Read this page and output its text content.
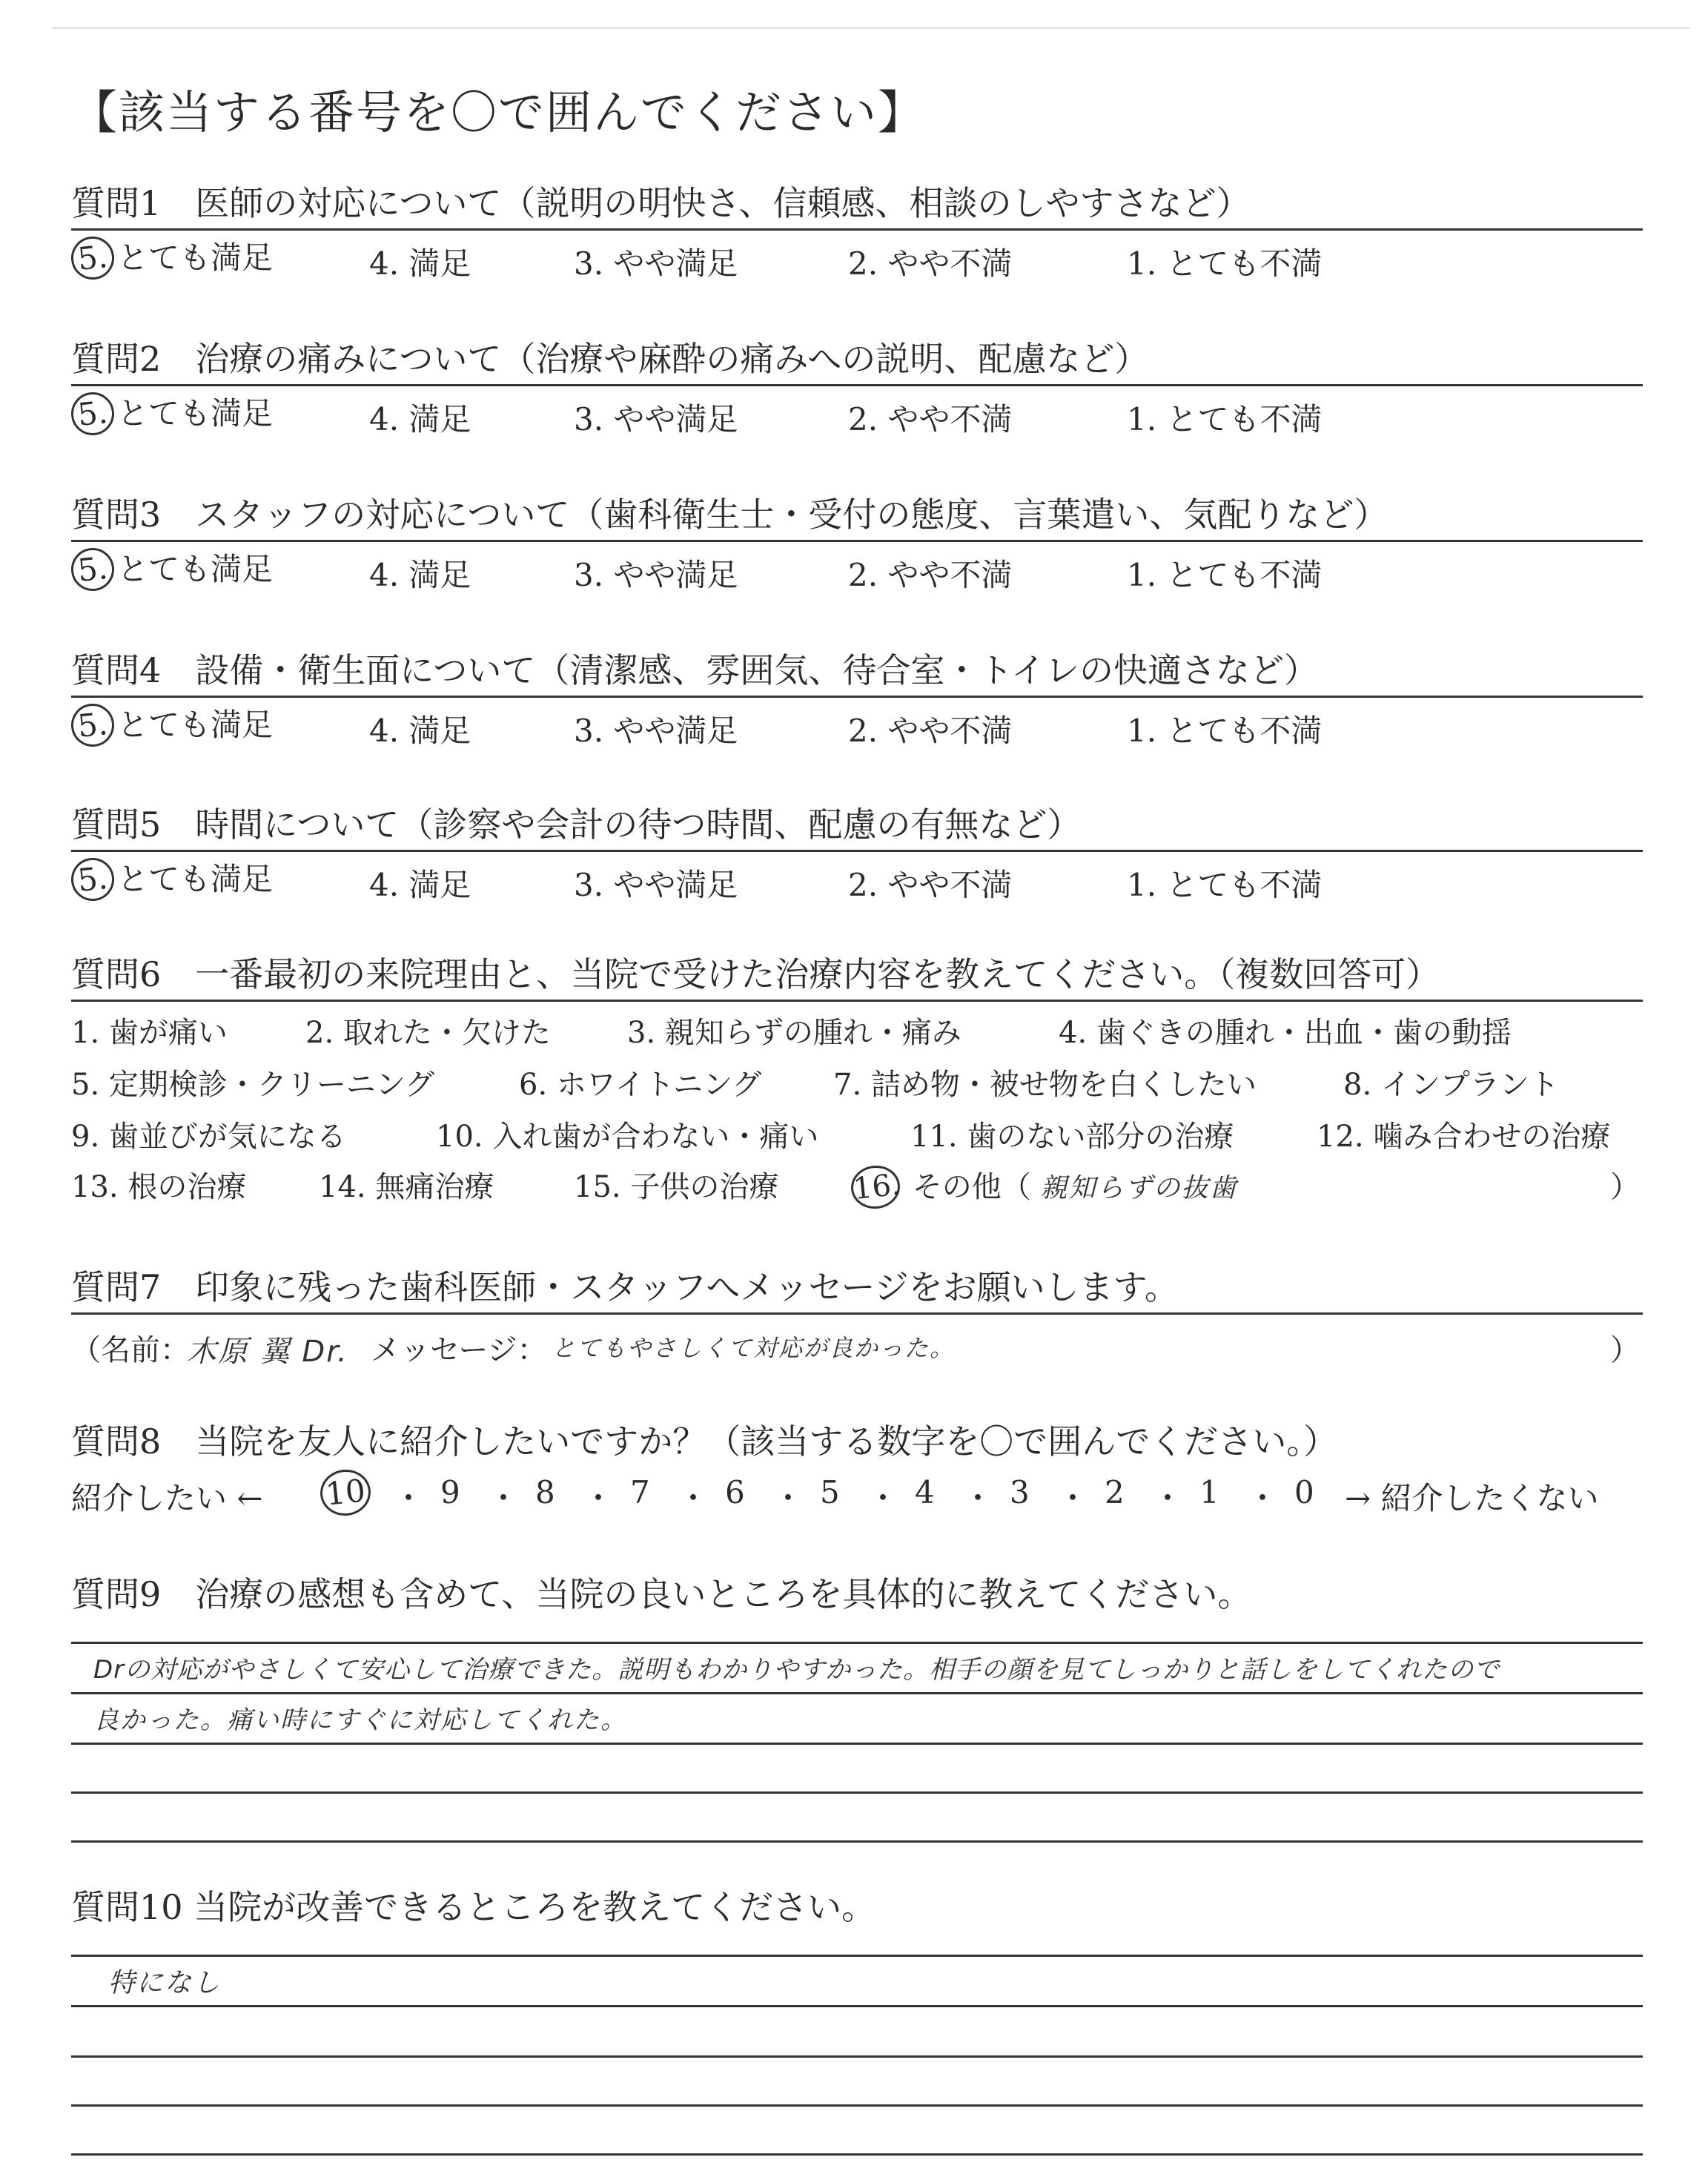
【該当する番号を〇で囲んでください】
質問1　医師の対応について（説明の明快さ、信頼感、相談のしやすさなど）
5. とても満足	4. 満足	3. やや満足	2. やや不満	1. とても不満
質問2　治療の痛みについて（治療や麻酔の痛みへの説明、配慮など）
5. とても満足	4. 満足	3. やや満足	2. やや不満	1. とても不満
質問3　スタッフの対応について（歯科衛生士・受付の態度、言葉遣い、気配りなど）
5. とても満足	4. 満足	3. やや満足	2. やや不満	1. とても不満
質問4　設備・衛生面について（清潔感、雰囲気、待合室・トイレの快適さなど）
5. とても満足	4. 満足	3. やや満足	2. やや不満	1. とても不満
質問5　時間について（診察や会計の待つ時間、配慮の有無など）
5. とても満足	4. 満足	3. やや満足	2. やや不満	1. とても不満
質問6　一番最初の来院理由と、当院で受けた治療内容を教えてください。（複数回答可）
16. その他（ 親知らずの抜歯	）
1. 歯が痛い	2. 取れた・欠けた	3. 親知らずの腫れ・痛み	4. 歯ぐきの腫れ・出血・歯の動揺
5. 定期検診・クリーニング	6. ホワイトニング 7. 詰め物・被せ物を白くしたい	8. インプラント
9. 歯並びが気になる	10. 入れ歯が合わない・痛い	11. 歯のない部分の治療	12. 噛み合わせの治療
13. 根の治療 14. 無痛治療	15. 子供の治療
質問7　印象に残った歯科医師・スタッフへメッセージをお願いします。
（名前：
木原 翼 Dr. メッセージ： とてもやさしくて対応が良かった。	）
質問8　当院を友人に紹介したいですか？（該当する数字を〇で囲んでください。）
紹介したい ← 10	→ 紹介したくない
・ 9 ・ 8 ・ 7 ・ 6 ・ 5 ・ 4 ・ 3 ・ 2 ・ 1 ・ 0
質問9　治療の感想も含めて、当院の良いところを具体的に教えてください。
Drの対応がやさしくて安心して治療できた。説明もわかりやすかった。相手の顔を見てしっかりと話しをしてくれたので
良かった。痛い時にすぐに対応してくれた。
質問10 当院が改善できるところを教えてください。
特になし
